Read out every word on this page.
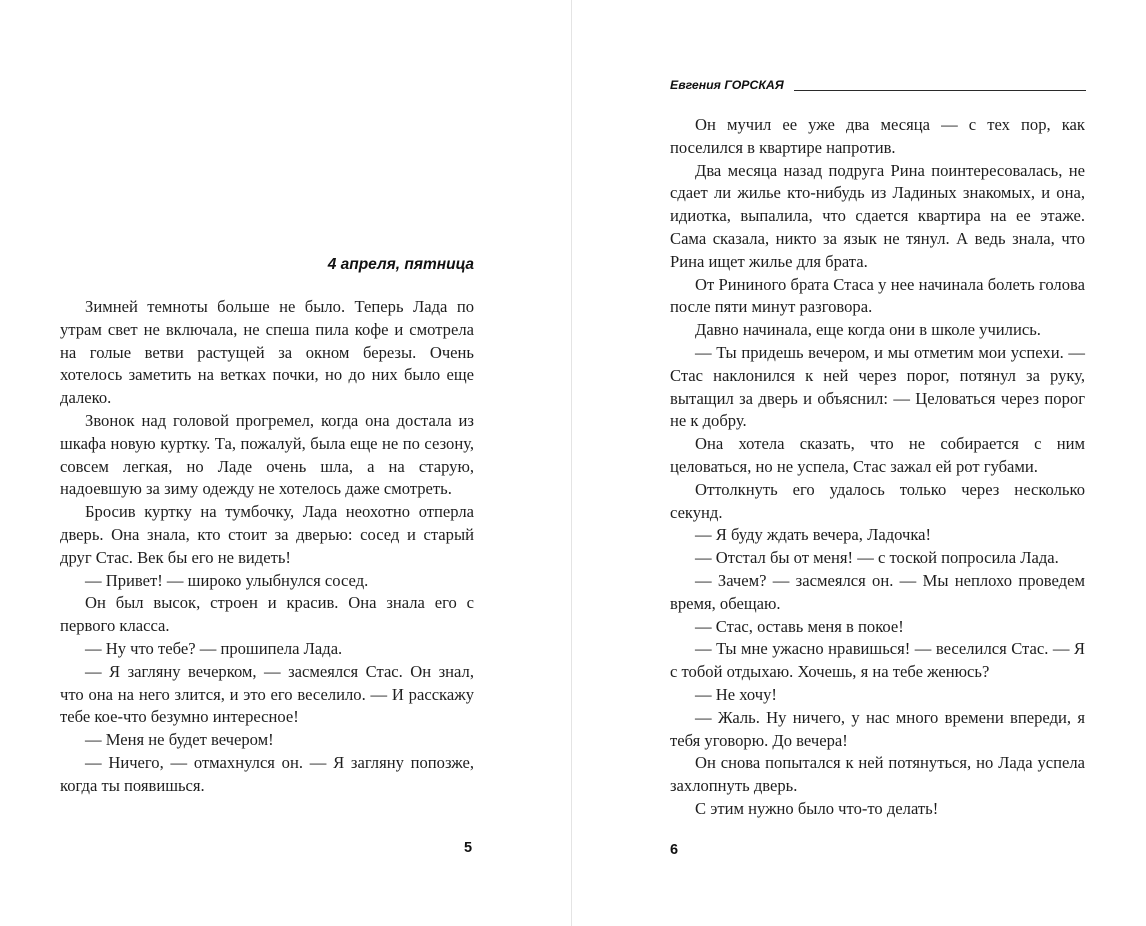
4 апреля, пятница

Зимней темноты больше не было. Теперь Лада по утрам свет не включала, не спеша пила кофе и смотрела на голые ветви растущей за окном березы. Очень хотелось заметить на ветках почки, но до них было еще далеко.

Звонок над головой прогремел, когда она достала из шкафа новую куртку. Та, пожалуй, была еще не по сезону, совсем легкая, но Ладе очень шла, а на старую, надоевшую за зиму одежду не хотелось даже смотреть.

Бросив куртку на тумбочку, Лада неохотно отперла дверь. Она знала, кто стоит за дверью: сосед и старый друг Стас. Век бы его не видеть!

— Привет! — широко улыбнулся сосед.

Он был высок, строен и красив. Она знала его с первого класса.

— Ну что тебе? — прошипела Лада.

— Я загляну вечерком, — засмеялся Стас. Он знал, что она на него злится, и это его веселило. — И расскажу тебе кое-что безумно интересное!

— Меня не будет вечером!

— Ничего, — отмахнулся он. — Я загляну попозже, когда ты появишься.

5
Евгения ГОРСКАЯ

Он мучил ее уже два месяца — с тех пор, как поселился в квартире напротив.

Два месяца назад подруга Рина поинтересовалась, не сдает ли жилье кто-нибудь из Ладиных знакомых, и она, идиотка, выпалила, что сдается квартира на ее этаже. Сама сказала, никто за язык не тянул. А ведь знала, что Рина ищет жилье для брата.

От Рининого брата Стаса у нее начинала болеть голова после пяти минут разговора.

Давно начинала, еще когда они в школе учились.

— Ты придешь вечером, и мы отметим мои успехи. — Стас наклонился к ней через порог, потянул за руку, вытащил за дверь и объяснил: — Целоваться через порог не к добру.

Она хотела сказать, что не собирается с ним целоваться, но не успела, Стас зажал ей рот губами.

Оттолкнуть его удалось только через несколько секунд.

— Я буду ждать вечера, Ладочка!

— Отстал бы от меня! — с тоской попросила Лада.

— Зачем? — засмеялся он. — Мы неплохо проведем время, обещаю.

— Стас, оставь меня в покое!

— Ты мне ужасно нравишься! — веселился Стас. — Я с тобой отдыхаю. Хочешь, я на тебе женюсь?

— Не хочу!

— Жаль. Ну ничего, у нас много времени впереди, я тебя уговорю. До вечера!

Он снова попытался к ней потянуться, но Лада успела захлопнуть дверь.

С этим нужно было что-то делать!

6
